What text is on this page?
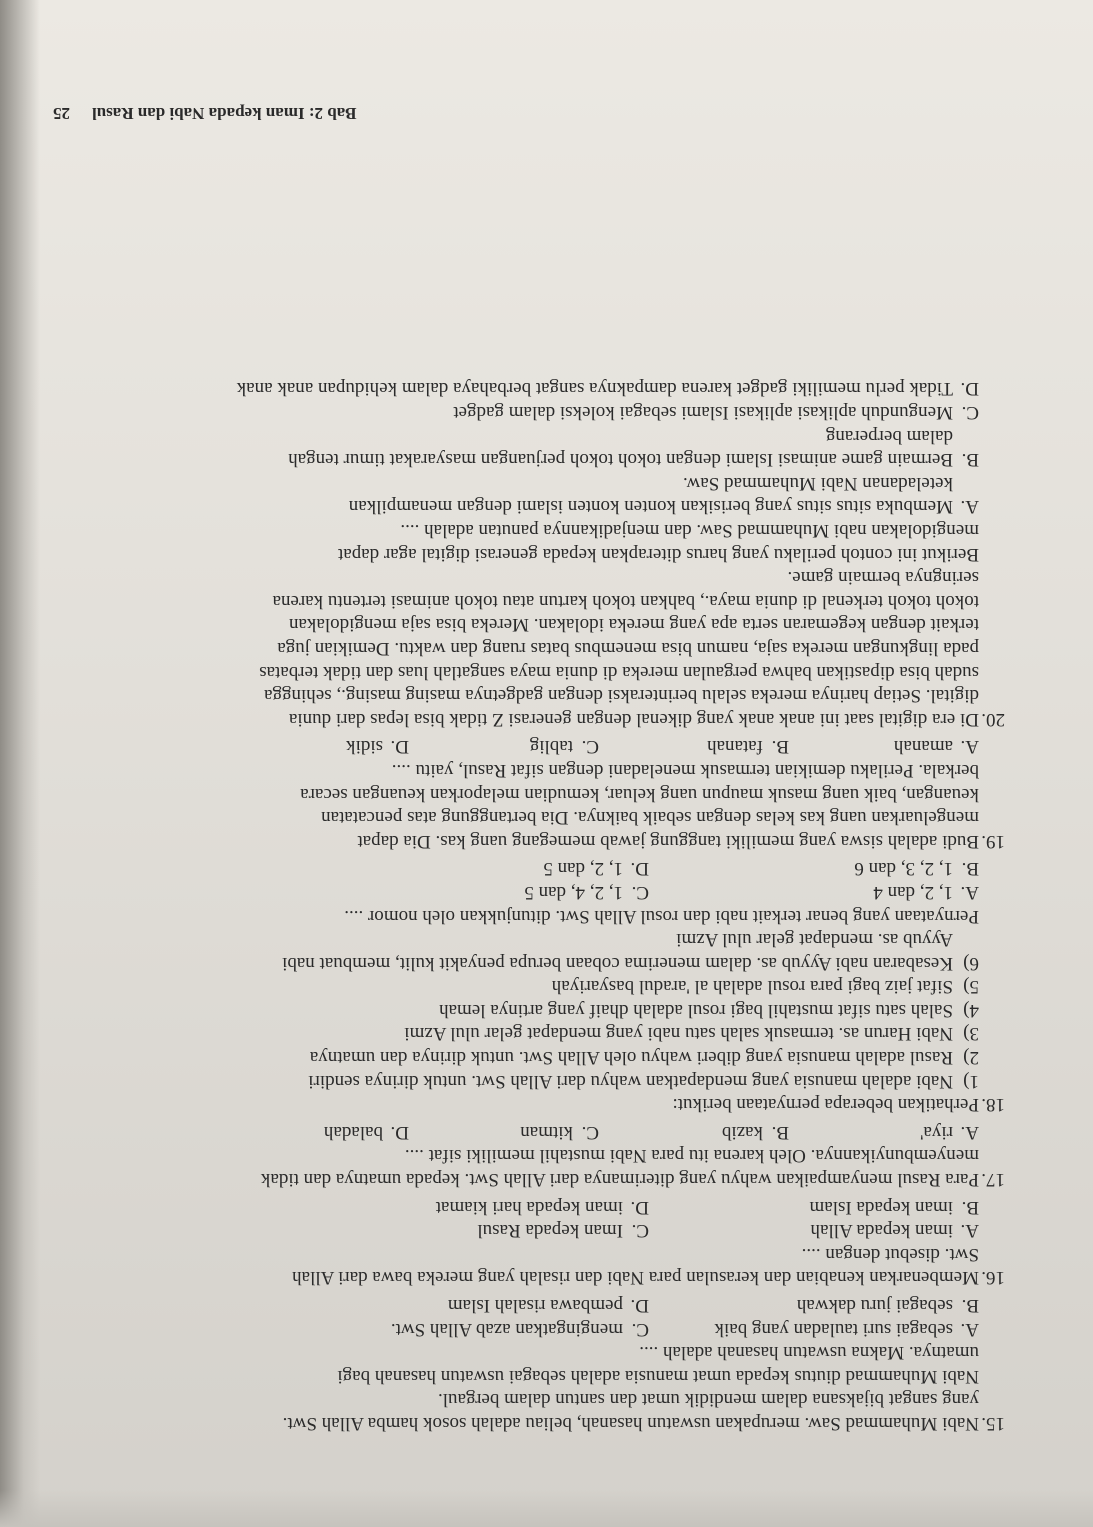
15.Nabi Muhammad Saw. merupakan uswatun hasanah, beliau adalah sosok hamba Allah Swt.
yang sangat bijaksana dalam mendidik umat dan santun dalam bergaul.
Nabi Muhammad diutus kepada umat manusia adalah sebagai uswatun hasanah bagi
umatnya. Makna uswatun hasanah adalah ....
A.sebagai suri tauladan yang baik
C.mengingatkan azab Allah Swt.
B.sebagai juru dakwah
D.pembawa risalah Islam
16.Membenarkan kenabian dan kerasulan para Nabi dan risalah yang mereka bawa dari Allah
Swt. disebut dengan ....
A.iman kepada Allah
C.Iman kepada Rasul
B.iman kepada Islam
D.iman kepada hari kiamat
17.Para Rasul menyampaikan wahyu yang diterimanya dari Allah Swt. kepada umatnya dan tidak
menyembunyikannya. Oleh karena itu para Nabi mustahil memiliki sifat ....
A.riya'
B.kazib
C.kitman
D.baladah
18.Perhatikan beberapa pernyataan berikut:
1)
Nabi adalah manusia yang mendapatkan wahyu dari Allah Swt. untuk dirinya sendiri
2)
Rasul adalah manusia yang diberi wahyu oleh Allah Swt. untuk dirinya dan umatnya
3)
Nabi Harun as. termasuk salah satu nabi yang mendapat gelar ulul Azmi
4)
Salah satu sifat mustahil bagi rosul adalah dhaif yang artinya lemah
5)
Sifat jaiz bagi para rosul adalah al 'aradul basyariyah
6)
Kesabaran nabi Ayyub as. dalam menerima cobaan berupa penyakit kulit, membuat nabi
Ayyub as. mendapat gelar ulul Azmi
Pernyataan yang benar terkait nabi dan rosul Allah Swt. ditunjukkan oleh nomor ....
A.1, 2, dan 4
C.1, 2, 4, dan 5
B.1, 2, 3, dan 6
D.1, 2, dan 5
19.Budi adalah siswa yang memiliki tanggung jawab memegang uang kas. Dia dapat
mengeluarkan uang kas kelas dengan sebaik baiknya. Dia bertanggung atas pencatatan
keuangan, baik uang masuk maupun uang keluar, kemudian melaporkan keuangan secara
berkala. Perilaku demikian termasuk meneladani dengan sifat Rasul, yaitu ....
A.amanah
B.fatanah
C.tablig
D.sidik
20.Di era digital saat ini anak anak yang dikenal dengan generasi Z tidak bisa lepas dari dunia
digital. Setiap harinya mereka selalu berinteraksi dengan gadgetnya masing masing., sehingga
sudah bisa dipastikan bahwa pergaulan mereka di dunia maya sangatlah luas dan tidak terbatas
pada lingkungan mereka saja, namun bisa menembus batas ruang dan waktu. Demikian juga
terkait dengan kegemaran serta apa yang mereka idolakan. Mereka bisa saja mengidolakan
tokoh tokoh terkenal di dunia maya., bahkan tokoh kartun atau tokoh animasi tertentu karena
seringnya bermain game.
Berikut ini contoh perilaku yang harus diterapkan kepada generasi digital agar dapat
mengidolakan nabi Muhammad Saw. dan menjadikannya panutan adalah ....
A.
Membuka situs situs yang berisikan konten konten islami dengan menampilkan
keteladanan Nabi Muhammad Saw.
B.
Bermain game animasi Islami dengan tokoh tokoh perjuangan masyarakat timur tengah
dalam berperang
C.
Mengunduh aplikasi aplikasi Islami sebagai koleksi dalam gadget
D.
Tidak perlu memiliki gadget karena dampaknya sangat berbahaya dalam kehidupan anak anak
Bab 2: Iman kepada Nabi dan Rasul
25
